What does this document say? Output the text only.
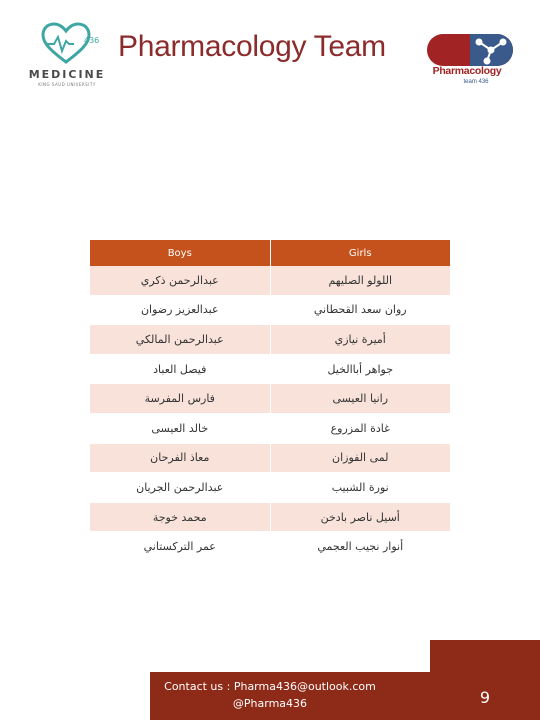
436
MEDICINE
KING SAUD UNIVERSITY
Pharmacology Team
Pharmacology
team 436
Boys	Girls
عبدالرحمن ذكري	اللولو الصليهم
عبدالعزيز رضوان	روان سعد القحطاني
عبدالرحمن المالكي	أميرة نيازي
فيصل العباد	جواهر أباالخيل
فارس المفرسة	رانيا العيسى
خالد العيسى	غادة المزروع
معاذ الفرحان	لمى الفوزان
عبدالرحمن الجريان	نورة الشبيب
محمد خوجة	أسيل ناصر بادخن
عمر التركستاني	أنوار نجيب العجمي
9
Contact us : Pharma436@outlook.com
@Pharma436
